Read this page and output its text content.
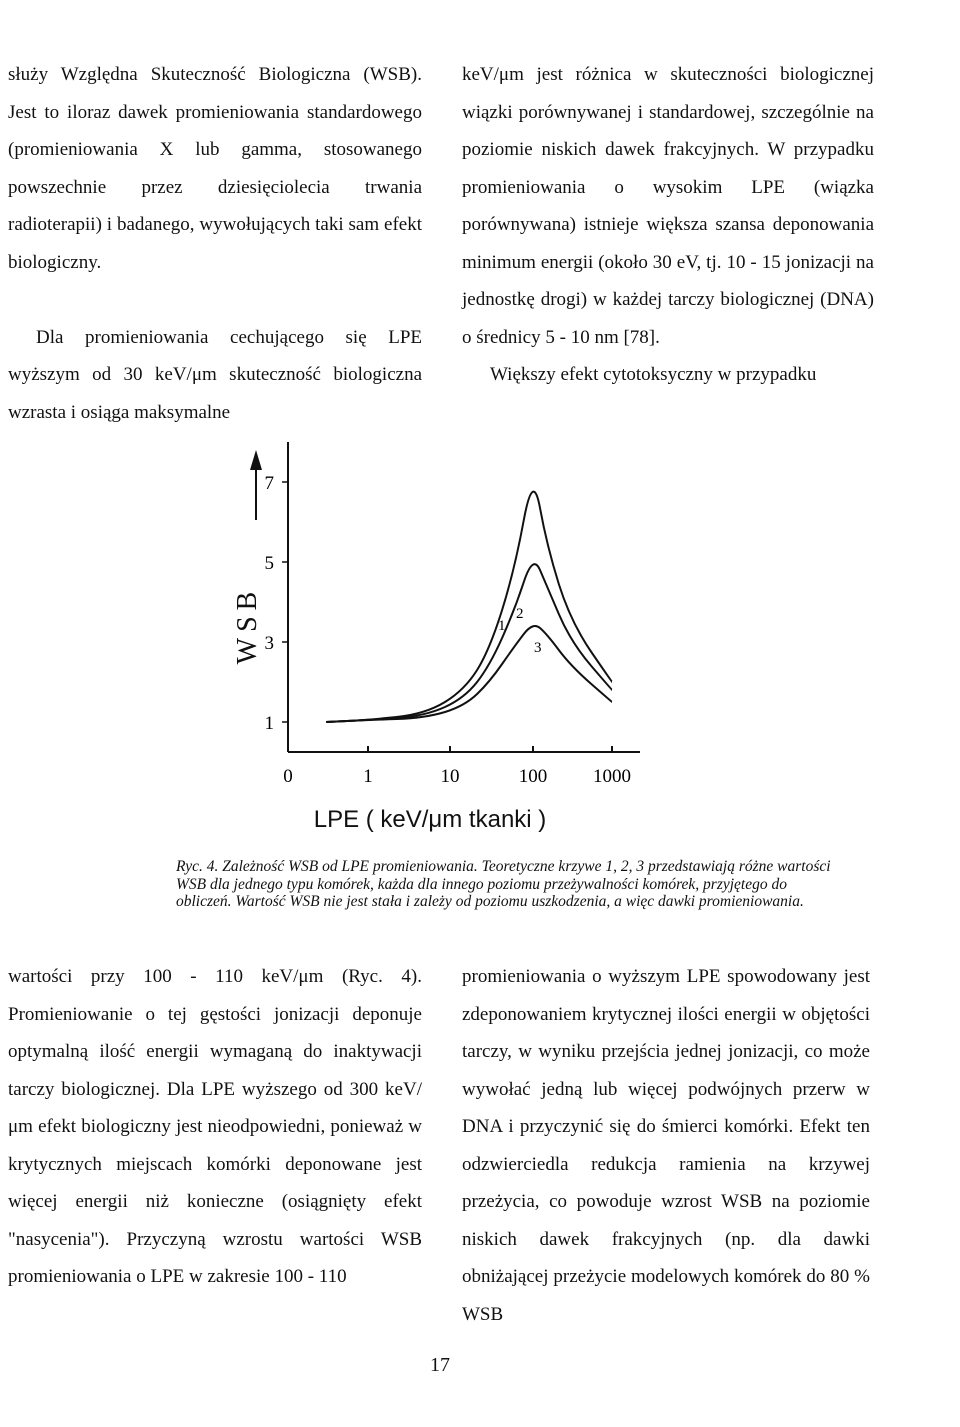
służy Względna Skuteczność Biologiczna (WSB). Jest to iloraz dawek promieniowania standardowego (promieniowania X lub gamma, stosowanego powszechnie przez dziesięciolecia trwania radioterapii) i badanego, wywołujących taki sam efekt biologiczny.

Dla promieniowania cechującego się LPE wyższym od 30 keV/μm skuteczność biologiczna wzrasta i osiąga maksymalne

keV/μm jest różnica w skuteczności biologicznej wiązki porównywanej i standardowej, szczególnie na poziomie niskich dawek frakcyjnych. W przypadku promieniowania o wysokim LPE (wiązka porównywana) istnieje większa szansa deponowania minimum energii (około 30 eV, tj. 10 - 15 jonizacji na jednostkę drogi) w każdej tarczy biologicznej (DNA) o średnicy 5 - 10 nm [78].

Większy efekt cytotoksyczny w przypadku

WSB
LPE ( keV/μm tkanki )
0	1	10	100 1000
1
3
5
7
1
2
3
Ryc. 4. Zależność WSB od LPE promieniowania. Teoretyczne krzywe 1, 2, 3 przedstawiają różne wartości WSB dla jednego typu komórek, każda dla innego poziomu przeżywalności komórek, przyjętego do obliczeń. Wartość WSB nie jest stała i zależy od poziomu uszkodzenia, a więc dawki promieniowania.

wartości przy 100 - 110 keV/μm (Ryc. 4). Promieniowanie o tej gęstości jonizacji deponuje optymalną ilość energii wymaganą do inaktywacji tarczy biologicznej. Dla LPE wyższego od 300 keV/μm efekt biologiczny jest nieodpowiedni, ponieważ w krytycznych miejscach komórki deponowane jest więcej energii niż konieczne (osiągnięty efekt "nasycenia"). Przyczyną wzrostu wartości WSB promieniowania o LPE w zakresie 100 - 110

promieniowania o wyższym LPE spowodowany jest zdeponowaniem krytycznej ilości energii w objętości tarczy, w wyniku przejścia jednej jonizacji, co może wywołać jedną lub więcej podwójnych przerw w DNA i przyczynić się do śmierci komórki. Efekt ten odzwierciedla redukcja ramienia na krzywej przeżycia, co powoduje wzrost WSB na poziomie niskich dawek frakcyjnych (np. dla dawki obniżającej przeżycie modelowych komórek do 80 % WSB

17
